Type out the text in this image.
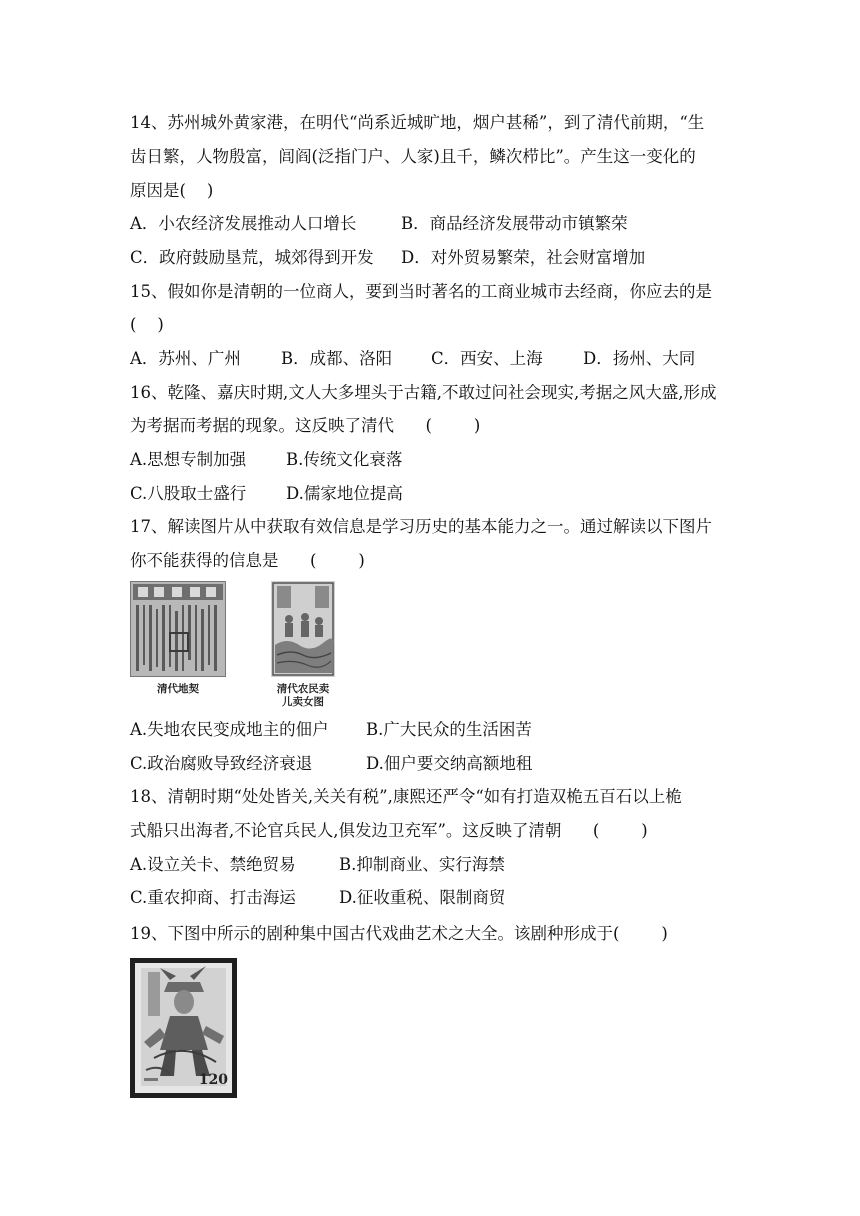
14、苏州城外黄家港，在明代“尚系近城旷地，烟户甚稀”，到了清代前期，“生
齿日繁，人物殷富，闾阎(泛指门户、人家)且千，鳞次栉比”。产生这一变化的
原因是(    )
A．小农经济发展推动人口增长	B．商品经济发展带动市镇繁荣
C．政府鼓励垦荒，城郊得到开发 D．对外贸易繁荣，社会财富增加
15、假如你是清朝的一位商人，要到当时著名的工商业城市去经商，你应去的是
(    )
A．苏州、广州 B．成都、洛阳 C．西安、上海 D．扬州、大同
16、乾隆、嘉庆时期,文人大多埋头于古籍,不敢过问社会现实,考据之风大盛,形成
为考据而考据的现象。这反映了清代      (        )
A.思想专制加强 B.传统文化衰落
C.八股取士盛行 D.儒家地位提高
17、解读图片从中获取有效信息是学习历史的基本能力之一。通过解读以下图片
你不能获得的信息是      (        )
清代地契	清代农民卖
儿卖女图
A.失地农民变成地主的佃户 B.广大民众的生活困苦
C.政治腐败导致经济衰退	D.佃户要交纳高额地租
18、清朝时期“处处皆关,关关有税”,康熙还严令“如有打造双桅五百石以上桅
式船只出海者,不论官兵民人,俱发边卫充军”。这反映了清朝      (        )
A.设立关卡、禁绝贸易	B.抑制商业、实行海禁
C.重农抑商、打击海运	D.征收重税、限制商贸
19、下图中所示的剧种集中国古代戏曲艺术之大全。该剧种形成于(        )
120
